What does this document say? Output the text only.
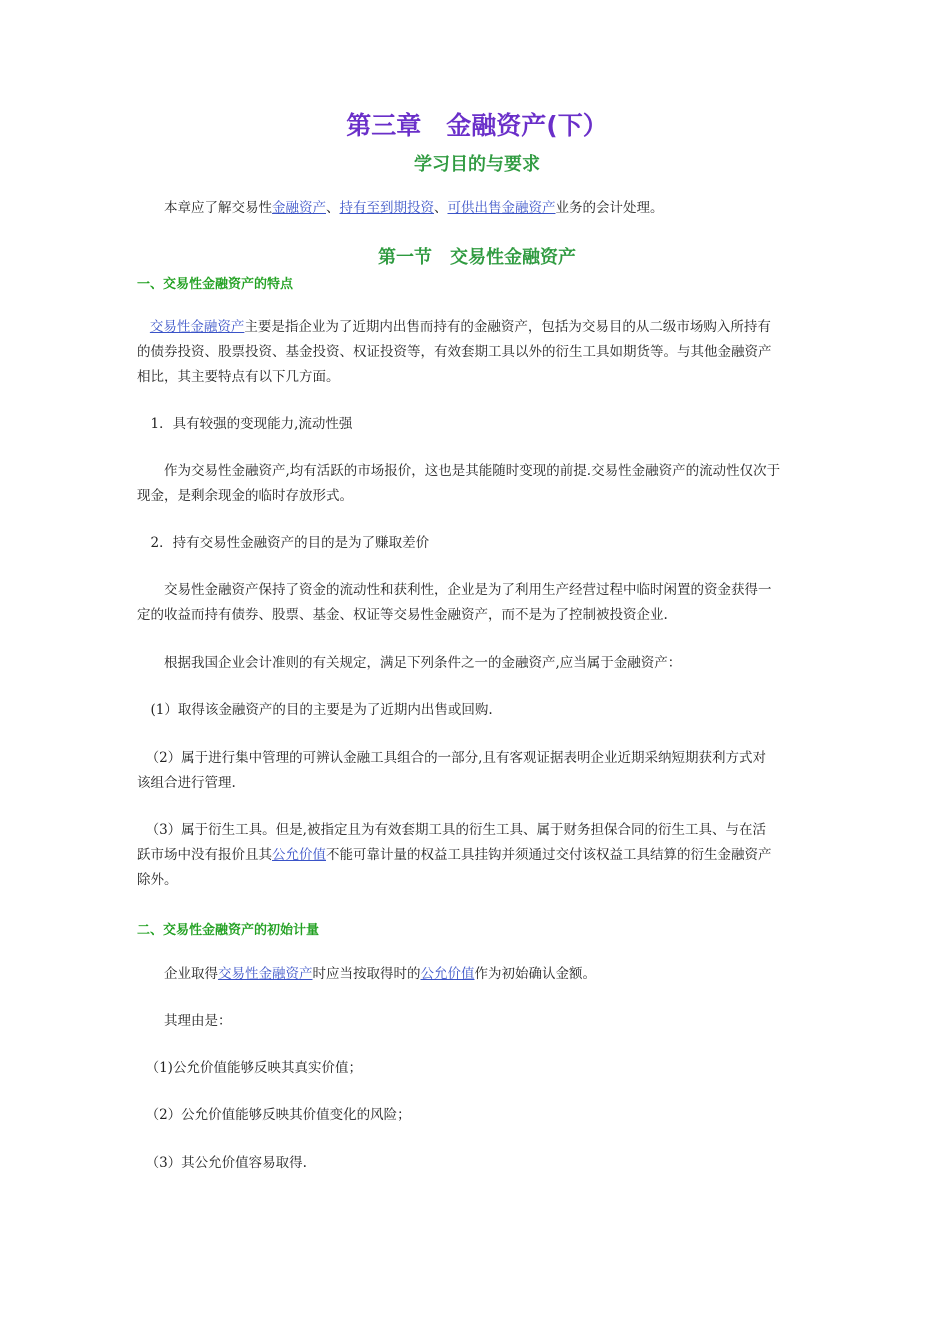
第三章　金融资产(下）
学习目的与要求
　　本章应了解交易性金融资产、持有至到期投资、可供出售金融资产业务的会计处理。
第一节　交易性金融资产
一、交易性金融资产的特点
交易性金融资产主要是指企业为了近期内出售而持有的金融资产，包括为交易目的从二级市场购入所持有
的债券投资、股票投资、基金投资、权证投资等，有效套期工具以外的衍生工具如期货等。与其他金融资产
相比，其主要特点有以下几方面。
　1．具有较强的变现能力,流动性强
　　作为交易性金融资产,均有活跃的市场报价，这也是其能随时变现的前提.交易性金融资产的流动性仅次于
现金，是剩余现金的临时存放形式。
　2．持有交易性金融资产的目的是为了赚取差价
　　交易性金融资产保持了资金的流动性和获利性，企业是为了利用生产经营过程中临时闲置的资金获得一
定的收益而持有债券、股票、基金、权证等交易性金融资产，而不是为了控制被投资企业.
　　根据我国企业会计准则的有关规定，满足下列条件之一的金融资产,应当属于金融资产：
　(1）取得该金融资产的目的主要是为了近期内出售或回购.
（2）属于进行集中管理的可辨认金融工具组合的一部分,且有客观证据表明企业近期采纳短期获利方式对
该组合进行管理.
（3）属于衍生工具。但是,被指定且为有效套期工具的衍生工具、属于财务担保合同的衍生工具、与在活
跃市场中没有报价且其公允价值不能可靠计量的权益工具挂钩并须通过交付该权益工具结算的衍生金融资产
除外。
二、交易性金融资产的初始计量
　　企业取得交易性金融资产时应当按取得时的公允价值作为初始确认金额。
　　其理由是：
（1)公允价值能够反映其真实价值；
（2）公允价值能够反映其价值变化的风险；
（3）其公允价值容易取得.
